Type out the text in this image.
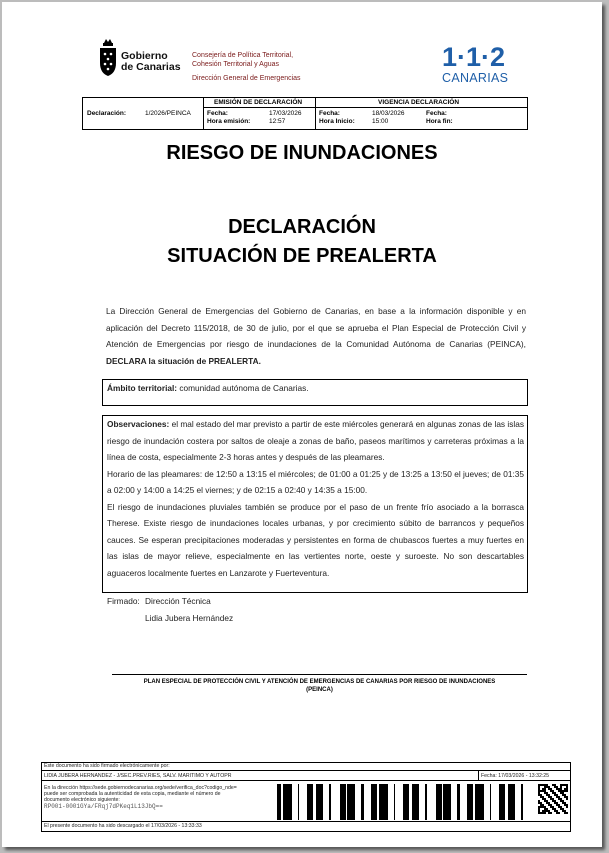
Gobierno
de Canarias
Consejería de Política Territorial,
Cohesión Territorial y Aguas
Dirección General de Emergencias
1·1·2
CANARIAS
Declaración:	1/2026/PEINCA
EMISIÓN DE DECLARACIÓN
Fecha:	17/03/2026
Hora emisión:	12:57
VIGENCIA DECLARACIÓN
Fecha:	18/03/2026
Hora Inicio:	15:00
Fecha:
Hora fin:
RIESGO DE INUNDACIONES
DECLARACIÓN
SITUACIÓN DE PREALERTA
La Dirección General de Emergencias del Gobierno de Canarias, en base a la información disponible y en aplicación del Decreto 115/2018, de 30 de julio, por el que se aprueba el Plan Especial de Protección Civil y Atención de Emergencias por riesgo de inundaciones de la Comunidad Autónoma de Canarias (PEINCA), DECLARA la situación de PREALERTA.
Ámbito territorial: comunidad autónoma de Canarias.
Observaciones: el mal estado del mar previsto a partir de este miércoles generará en algunas zonas de las islas riesgo de inundación costera por saltos de oleaje a zonas de baño, paseos marítimos y carreteras próximas a la línea de costa, especialmente 2-3 horas antes y después de las pleamares.
Horario de las pleamares: de 12:50 a 13:15 el miércoles; de 01:00 a 01:25 y de 13:25 a 13:50 el jueves; de 01:35 a 02:00 y 14:00 a 14:25 el viernes; y de 02:15 a 02:40 y 14:35 a 15:00.
El riesgo de inundaciones pluviales también se produce por el paso de un frente frío asociado a la borrasca Therese. Existe riesgo de inundaciones locales urbanas, y por crecimiento súbito de barrancos y pequeños cauces. Se esperan precipitaciones moderadas y persistentes en forma de chubascos fuertes a muy fuertes en las islas de mayor relieve, especialmente en las vertientes norte, oeste y suroeste. No son descartables aguaceros localmente fuertes en Lanzarote y Fuerteventura.
Firmado: Dirección Técnica
Lidia Jubera Hernández
PLAN ESPECIAL DE PROTECCIÓN CIVIL Y ATENCIÓN DE EMERGENCIAS DE CANARIAS POR RIESGO DE INUNDACIONES
(PEINCA)
Este documento ha sido firmado electrónicamente por:
LIDIA JUBERA HERNANDEZ - J/SEC.PREV.RIES, SALV. MARITIMO Y AUTOPR	Fecha: 17/03/2026 - 13:32:25
En la dirección https://sede.gobiernodecanarias.org/sede/verifica_doc?codigo_nde=
puede ser comprobada la autenticidad de esta copia, mediante el número de
documento electrónico siguiente:
RP001-0001GYa/FRqj7dPKeq1L13JbQ==
El presente documento ha sido descargado el 17/03/2026 - 13:33:33
